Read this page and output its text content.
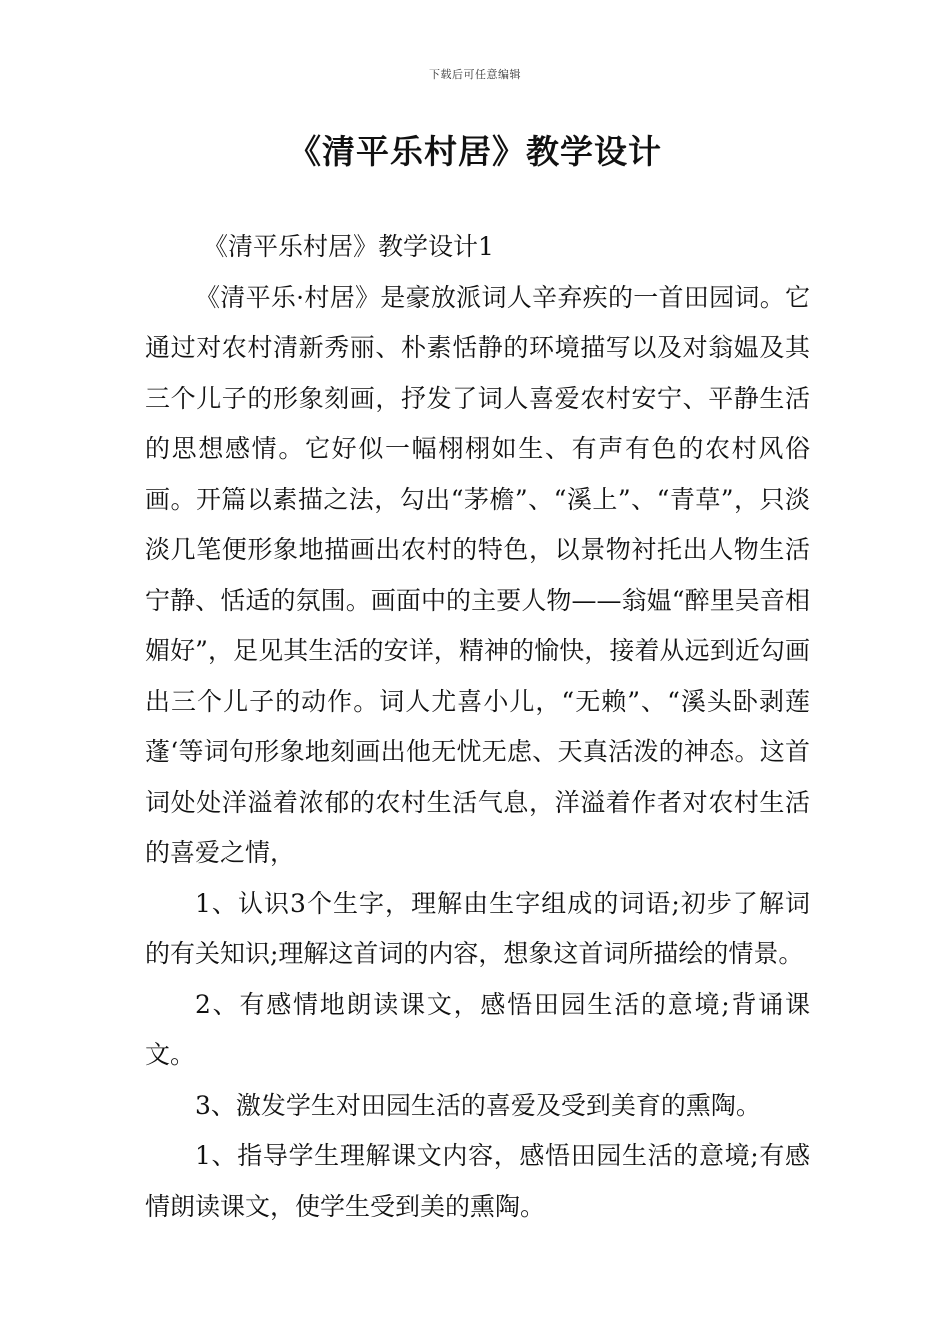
下载后可任意编辑
《清平乐村居》教学设计

《清平乐村居》教学设计1

《清平乐·村居》是豪放派词人辛弃疾的一首田园词。它通过对农村清新秀丽、朴素恬静的环境描写以及对翁媪及其三个儿子的形象刻画，抒发了词人喜爱农村安宁、平静生活的思想感情。它好似一幅栩栩如生、有声有色的农村风俗画。开篇以素描之法，勾出“茅檐”、“溪上”、“青草”，只淡淡几笔便形象地描画出农村的特色，以景物衬托出人物生活宁静、恬适的氛围。画面中的主要人物——翁媪“醉里吴音相媚好”，足见其生活的安详，精神的愉快，接着从远到近勾画出三个儿子的动作。词人尤喜小儿，“无赖”、“溪头卧剥莲蓬‘等词句形象地刻画出他无忧无虑、天真活泼的神态。这首词处处洋溢着浓郁的农村生活气息，洋溢着作者对农村生活的喜爱之情，

1、认识3个生字，理解由生字组成的词语;初步了解词的有关知识;理解这首词的内容，想象这首词所描绘的情景。

2、有感情地朗读课文，感悟田园生活的意境;背诵课文。

3、激发学生对田园生活的喜爱及受到美育的熏陶。

1、指导学生理解课文内容，感悟田园生活的意境;有感情朗读课文，使学生受到美的熏陶。
